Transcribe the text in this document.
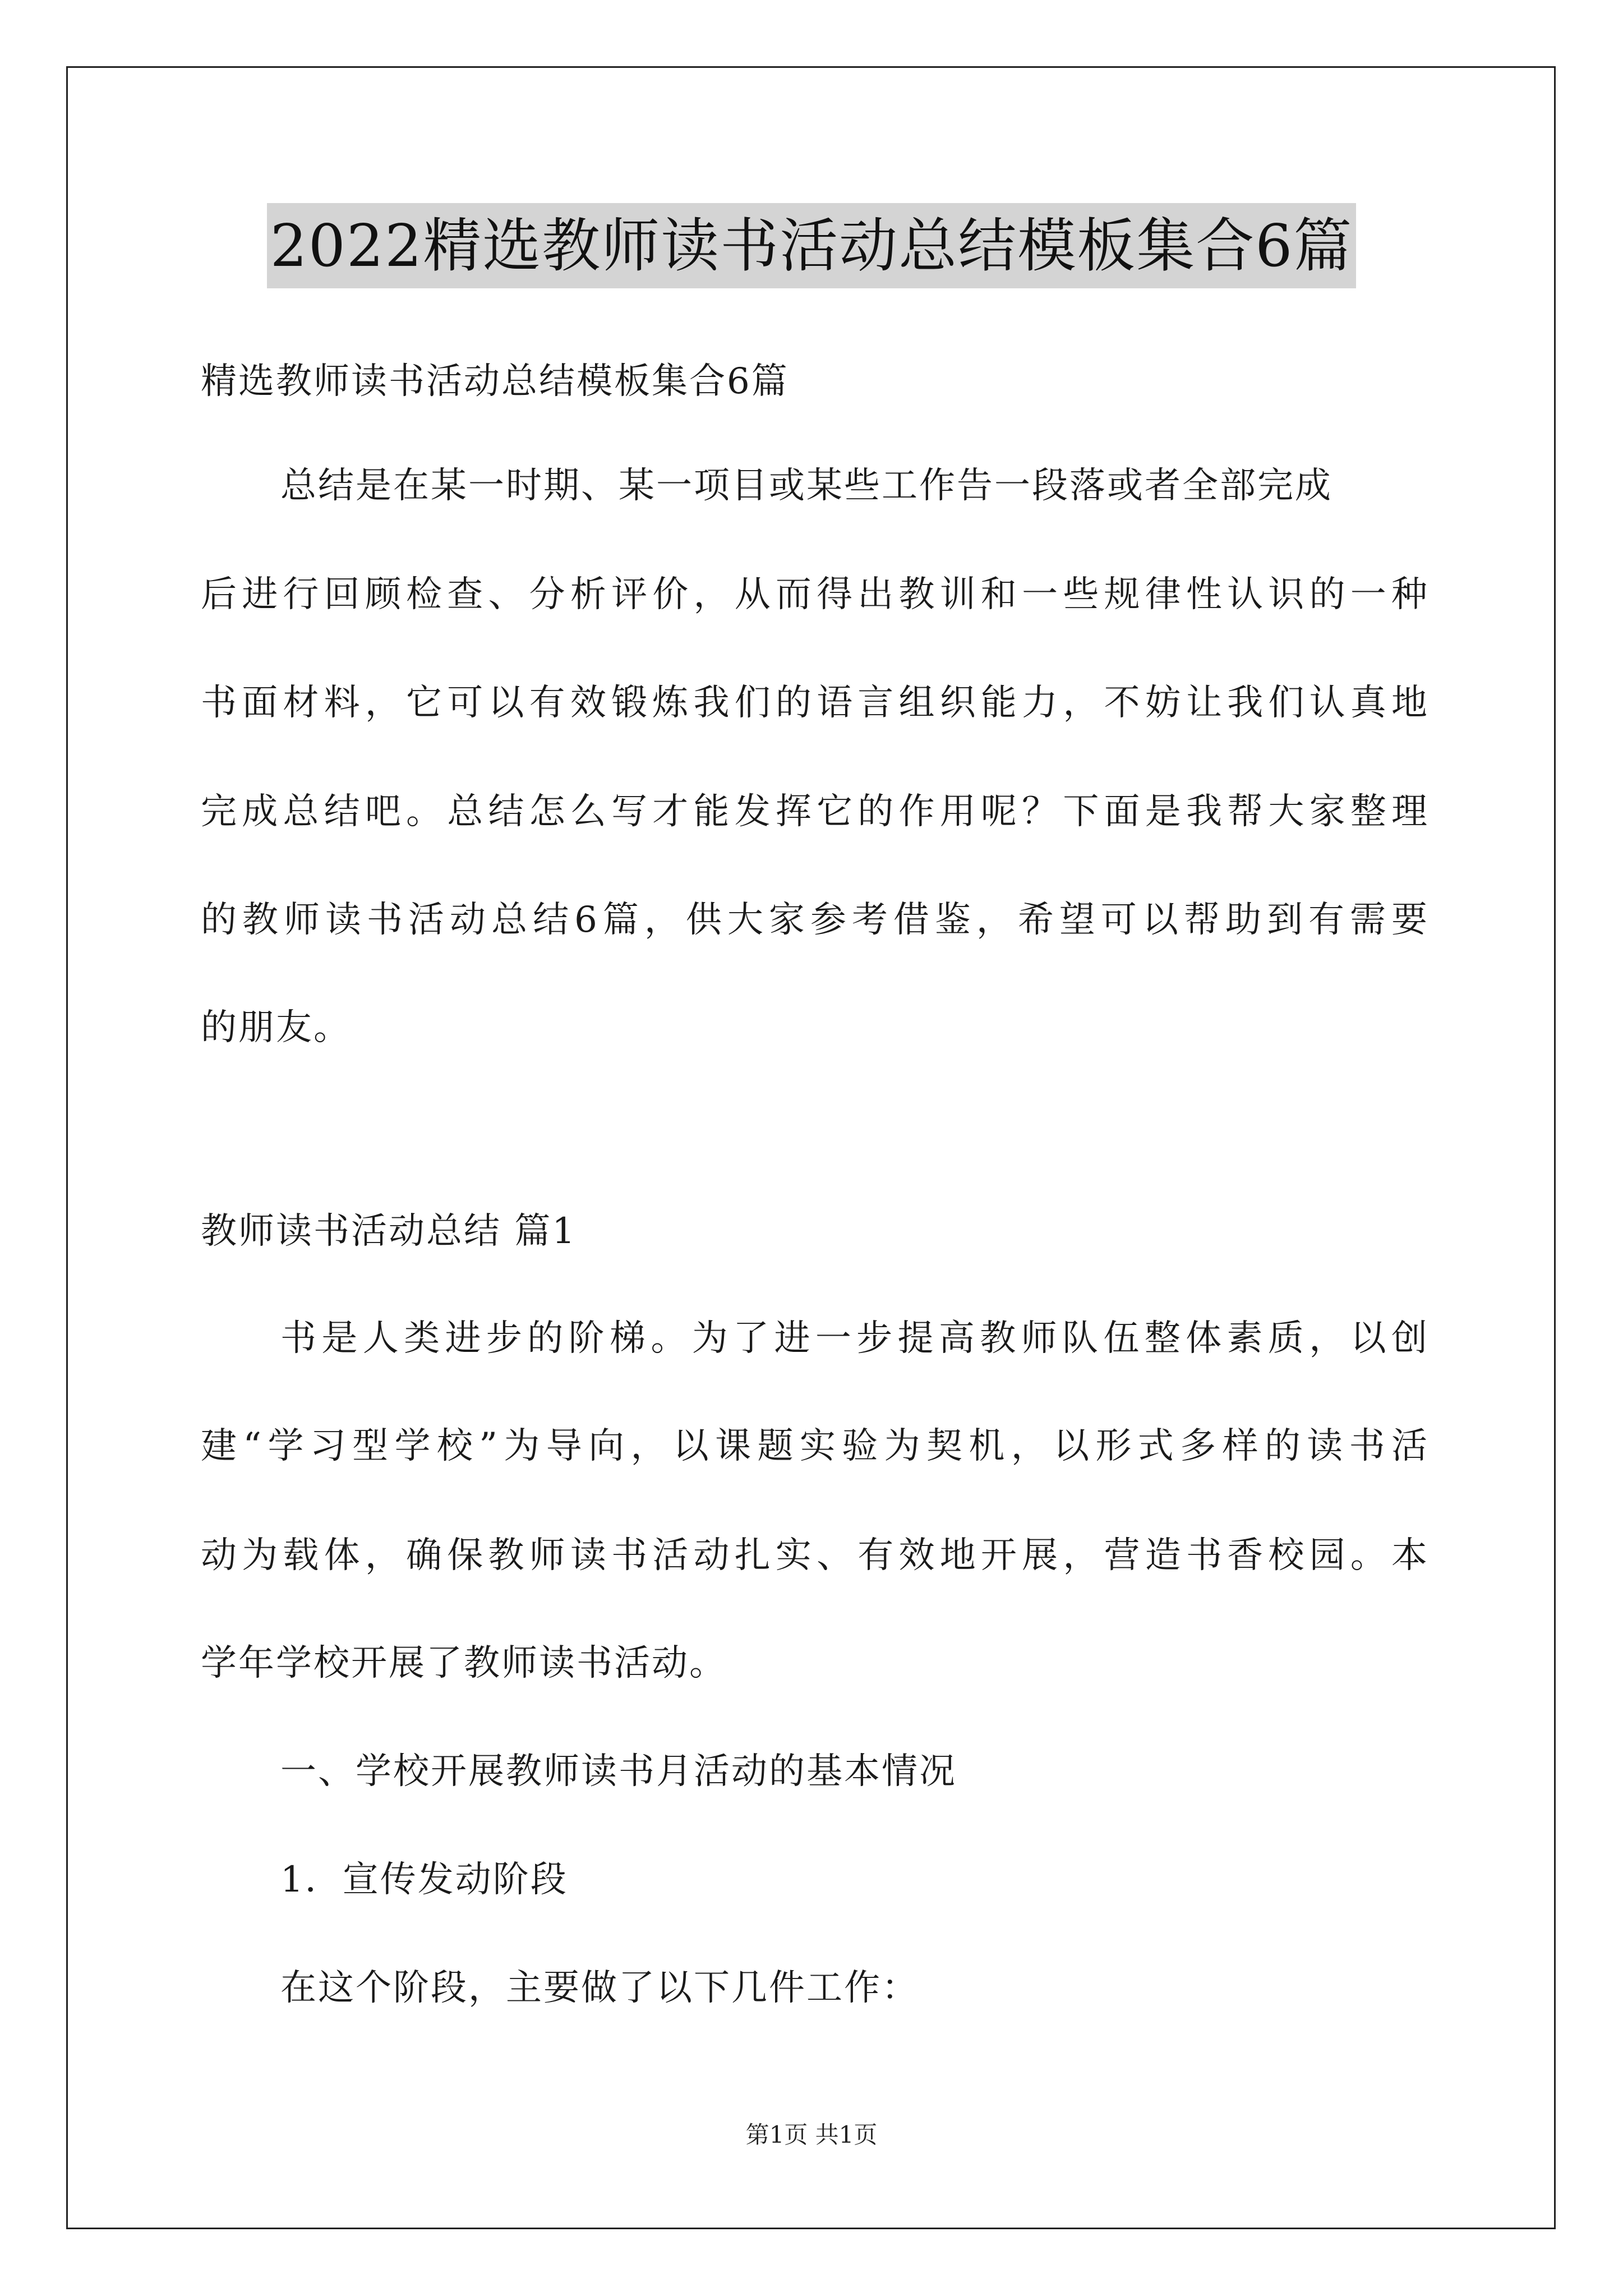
2022精选教师读书活动总结模板集合6篇
精选教师读书活动总结模板集合6篇
总结是在某一时期、某一项目或某些工作告一段落或者全部完成
后进行回顾检查、分析评价，从而得出教训和一些规律性认识的一种
书面材料，它可以有效锻炼我们的语言组织能力，不妨让我们认真地
完成总结吧。总结怎么写才能发挥它的作用呢？下面是我帮大家整理
的教师读书活动总结6篇，供大家参考借鉴，希望可以帮助到有需要
的朋友。
教师读书活动总结 篇1
书是人类进步的阶梯。为了进一步提高教师队伍整体素质，以创
建“学习型学校”为导向，以课题实验为契机，以形式多样的读书活
动为载体，确保教师读书活动扎实、有效地开展，营造书香校园。本
学年学校开展了教师读书活动。
一、学校开展教师读书月活动的基本情况
1．宣传发动阶段
在这个阶段，主要做了以下几件工作：
第1页 共1页
